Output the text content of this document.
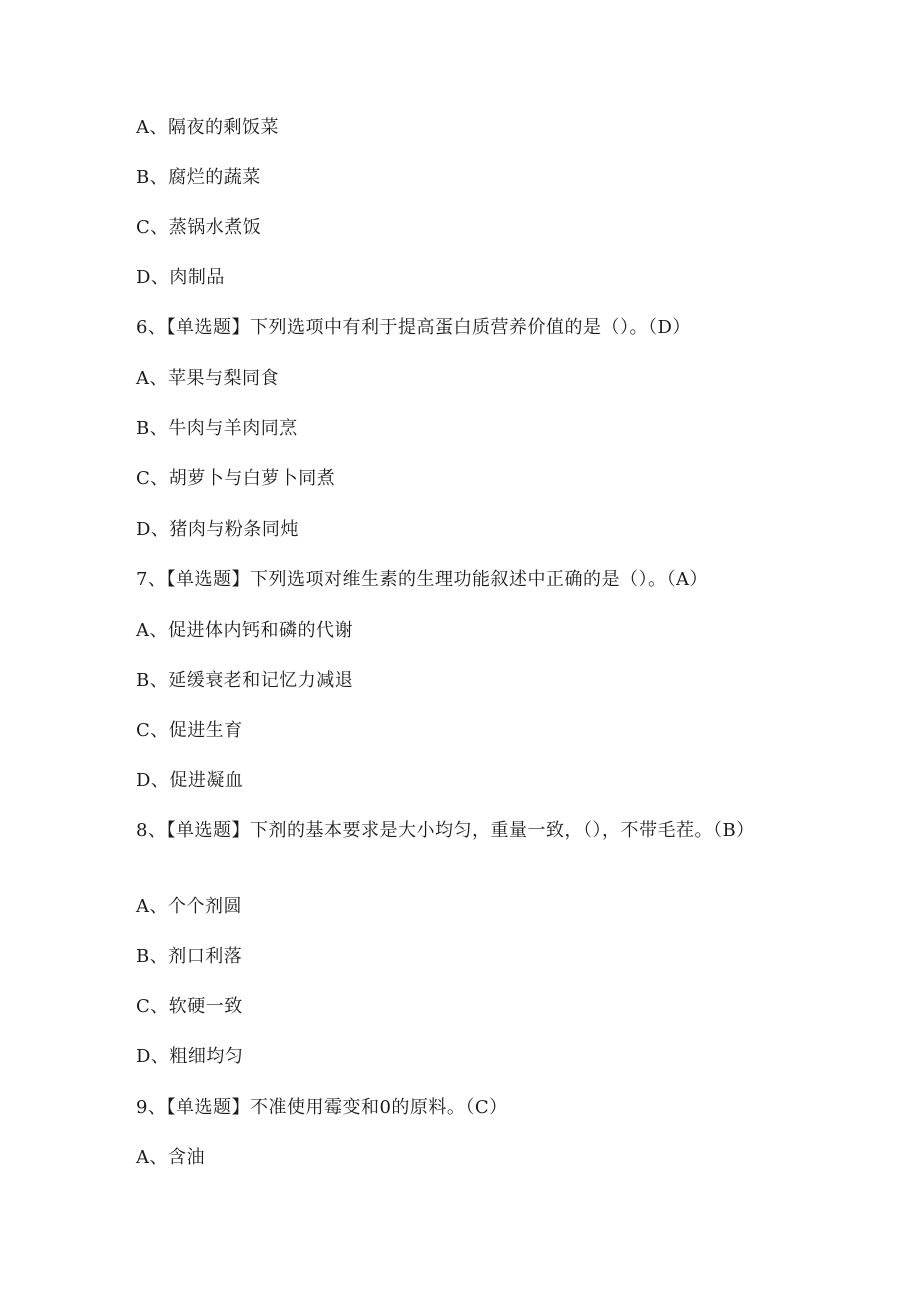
A、隔夜的剩饭菜
B、腐烂的蔬菜
C、蒸锅水煮饭
D、肉制品
6、【单选题】下列选项中有利于提高蛋白质营养价值的是（）。（D）
A、苹果与梨同食
B、牛肉与羊肉同烹
C、胡萝卜与白萝卜同煮
D、猪肉与粉条同炖
7、【单选题】下列选项对维生素的生理功能叙述中正确的是（）。（A）
A、促进体内钙和磷的代谢
B、延缓衰老和记忆力减退
C、促进生育
D、促进凝血
8、【单选题】下剂的基本要求是大小均匀，重量一致，（），不带毛茬。（B）
A、个个剂圆
B、剂口利落
C、软硬一致
D、粗细均匀
9、【单选题】不准使用霉变和0的原料。（C）
A、含油
